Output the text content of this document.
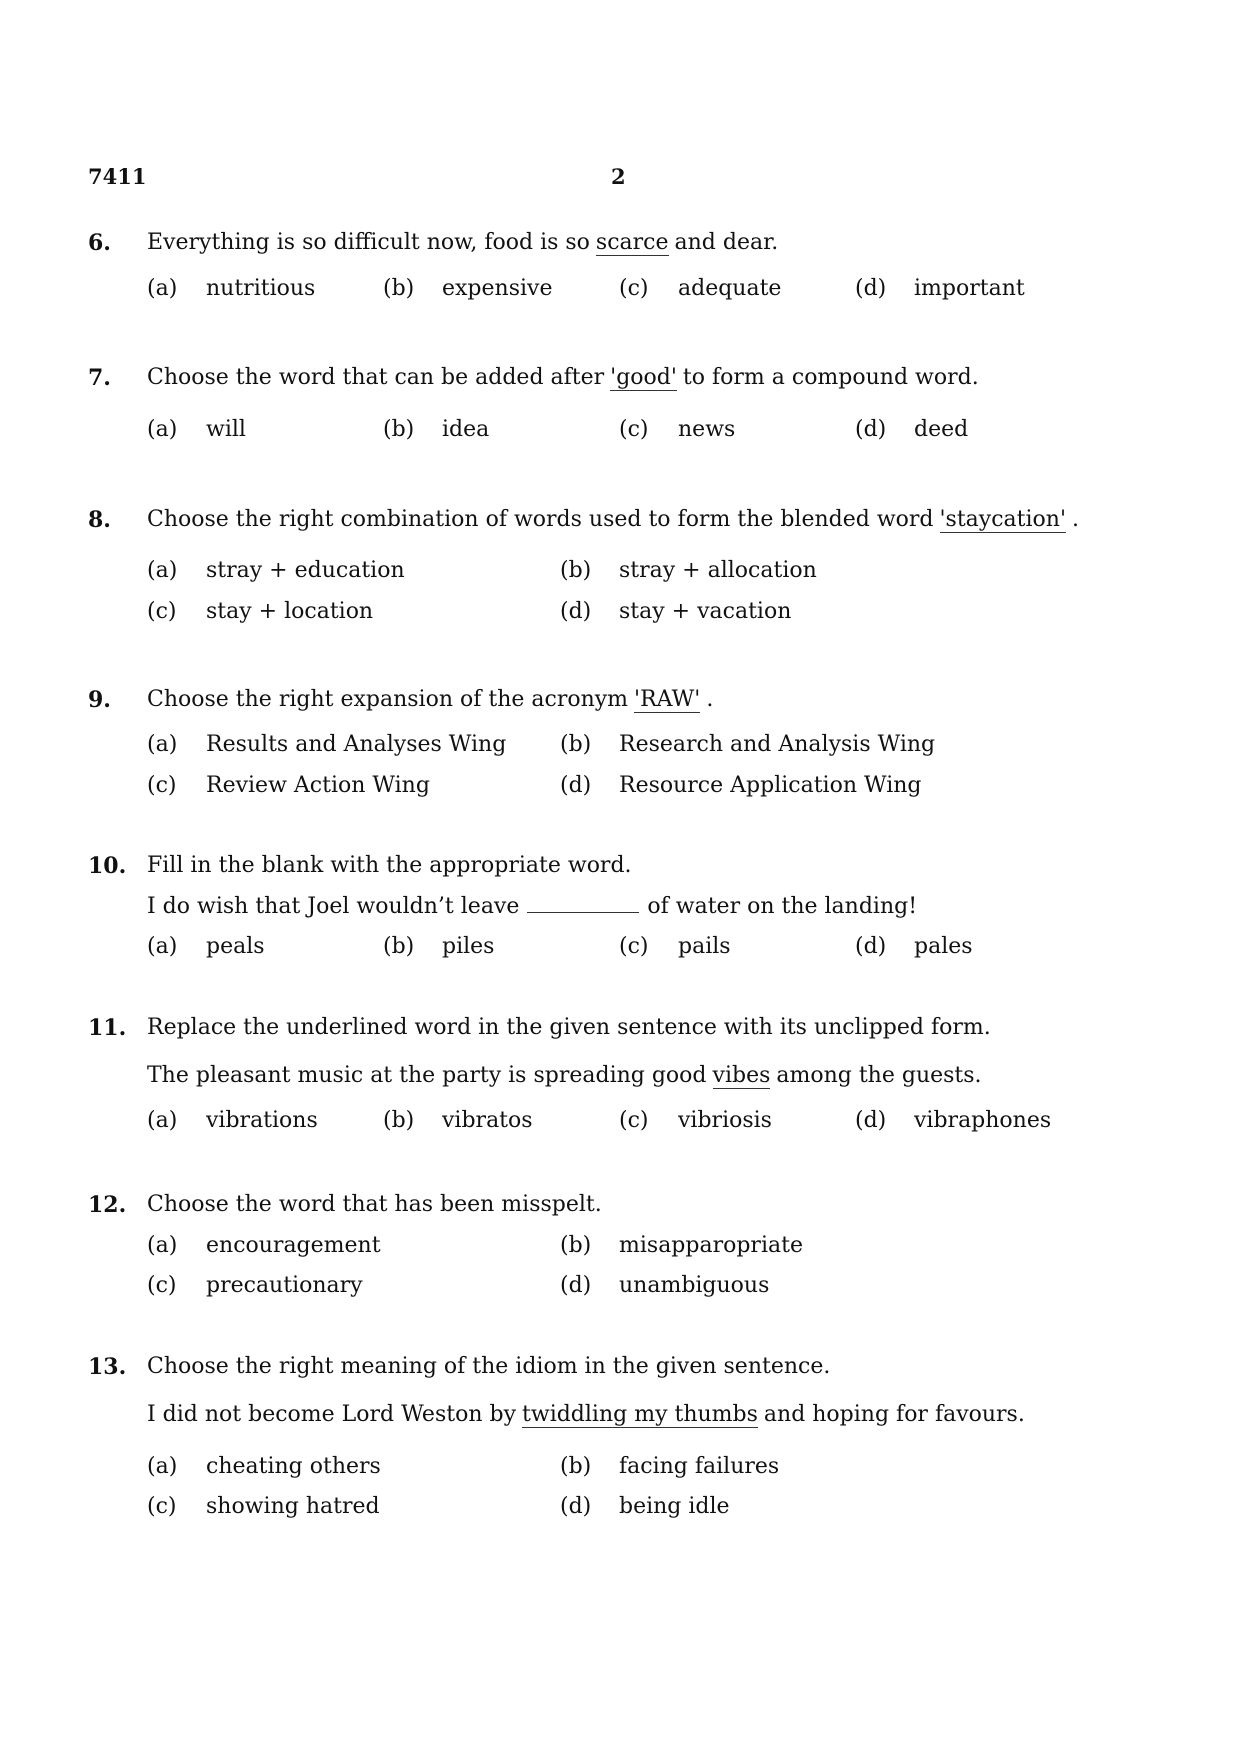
7411	2
6. Everything is so difficult now, food is so scarce and dear.
(a) nutritious	(b) expensive	(c) adequate	(d) important
7. Choose the word that can be added after 'good' to form a compound word.
(a) will	(b) idea	(c) news	(d) deed
8. Choose the right combination of words used to form the blended word 'staycation' .
(a) stray + education	(b) stray + allocation
(c) stay + location	(d) stay + vacation
9. Choose the right expansion of the acronym 'RAW' .
(a) Results and Analyses Wing (b) Research and Analysis Wing
(c) Review Action Wing	(d) Resource Application Wing
10. Fill in the blank with the appropriate word.
I do wish that Joel wouldn’t leave	of water on the landing!
(a) peals	(b) piles	(c) pails	(d) pales
11. Replace the underlined word in the given sentence with its unclipped form.
The pleasant music at the party is spreading good vibes among the guests.
(a) vibrations	(b) vibratos	(c) vibriosis	(d) vibraphones
12. Choose the word that has been misspelt.
(a) encouragement	(b) misapparopriate
(c) precautionary	(d) unambiguous
13. Choose the right meaning of the idiom in the given sentence.
I did not become Lord Weston by twiddling my thumbs and hoping for favours.
(a) cheating others	(b) facing failures
(c) showing hatred	(d) being idle
